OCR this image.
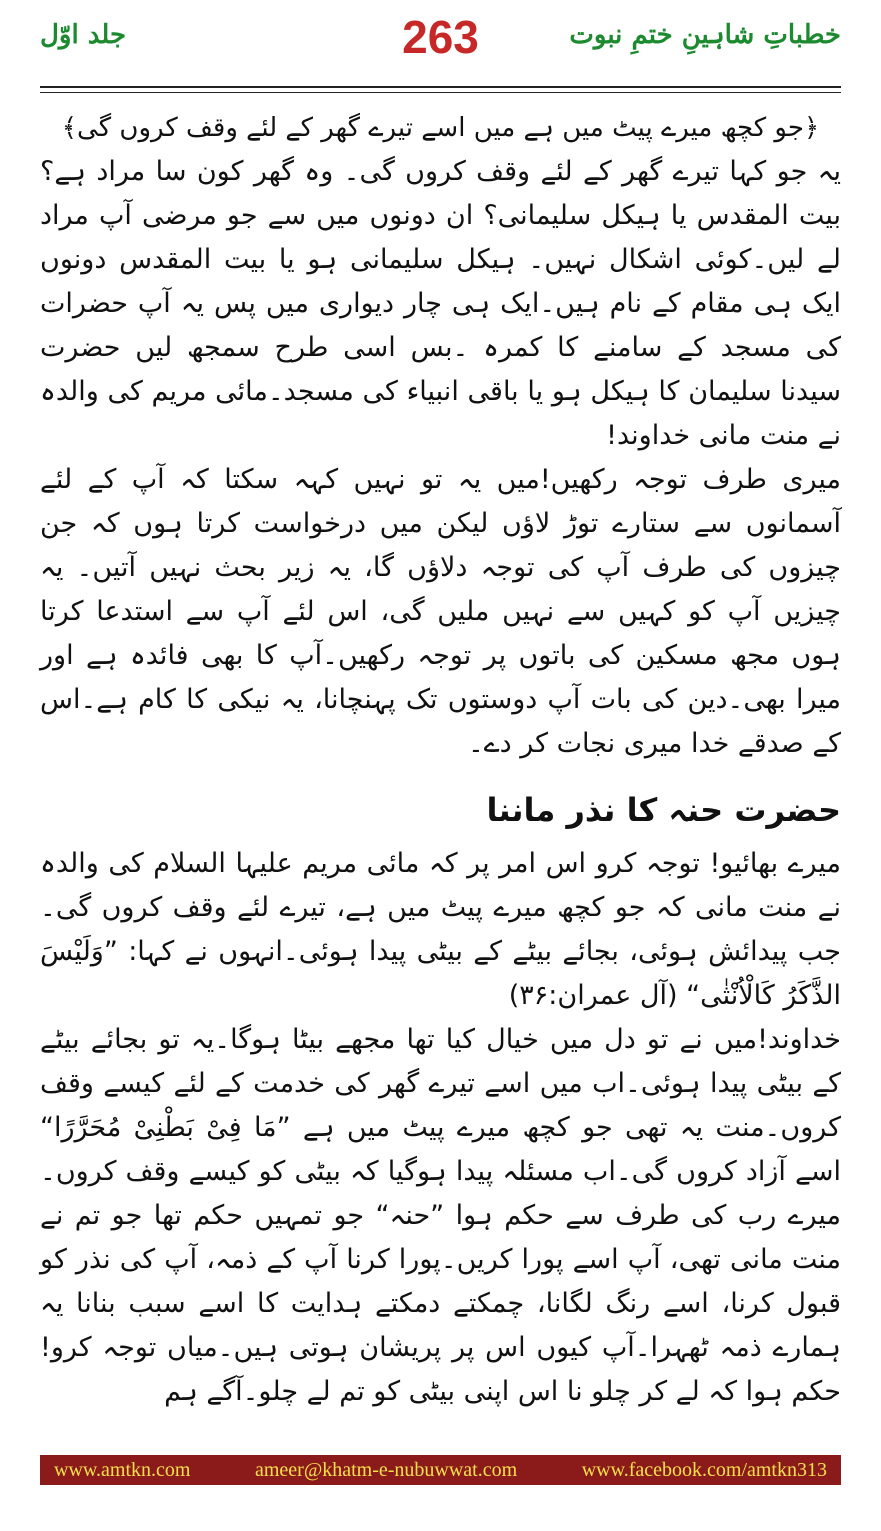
جلد اوّل	263	خطباتِ شاہینِ ختمِ نبوت

﴿جو کچھ میرے پیٹ میں ہے میں اسے تیرے گھر کے لئے وقف کروں گی﴾

یہ جو کہا تیرے گھر کے لئے وقف کروں گی۔ وہ گھر کون سا مراد ہے؟ بیت المقدس یا ہیکل سلیمانی؟ ان دونوں میں سے جو مرضی آپ مراد لے لیں۔کوئی اشکال نہیں۔ ہیکل سلیمانی ہو یا بیت المقدس دونوں ایک ہی مقام کے نام ہیں۔ایک ہی چار دیواری میں پس یہ آپ حضرات کی مسجد کے سامنے کا کمرہ ۔بس اسی طرح سمجھ لیں حضرت سیدنا سلیمان کا ہیکل ہو یا باقی انبیاء کی مسجد۔مائی مریم کی والدہ نے منت مانی خداوند!

میری طرف توجہ رکھیں!میں یہ تو نہیں کہہ سکتا کہ آپ کے لئے آسمانوں سے ستارے توڑ لاؤں لیکن میں درخواست کرتا ہوں کہ جن چیزوں کی طرف آپ کی توجہ دلاؤں گا، یہ زیر بحث نہیں آتیں۔ یہ چیزیں آپ کو کہیں سے نہیں ملیں گی، اس لئے آپ سے استدعا کرتا ہوں مجھ مسکین کی باتوں پر توجہ رکھیں۔آپ کا بھی فائدہ ہے اور میرا بھی۔دین کی بات آپ دوستوں تک پہنچانا، یہ نیکی کا کام ہے۔اس کے صدقے خدا میری نجات کر دے۔

حضرت حنہ کا نذر ماننا

میرے بھائیو! توجہ کرو اس امر پر کہ مائی مریم علیہا السلام کی والدہ نے منت مانی کہ جو کچھ میرے پیٹ میں ہے، تیرے لئے وقف کروں گی۔جب پیدائش ہوئی، بجائے بیٹے کے بیٹی پیدا ہوئی۔انہوں نے کہا: ”وَلَیْسَ الذَّکَرُ کَالْاُنْثٰی“ (آل عمران:۳۶)

خداوند!میں نے تو دل میں خیال کیا تھا مجھے بیٹا ہوگا۔یہ تو بجائے بیٹے کے بیٹی پیدا ہوئی۔اب میں اسے تیرے گھر کی خدمت کے لئے کیسے وقف کروں۔منت یہ تھی جو کچھ میرے پیٹ میں ہے ”مَا فِیْ بَطْنِیْ مُحَرَّرًا“ اسے آزاد کروں گی۔اب مسئلہ پیدا ہوگیا کہ بیٹی کو کیسے وقف کروں۔میرے رب کی طرف سے حکم ہوا ”حنہ“ جو تمہیں حکم تھا جو تم نے منت مانی تھی، آپ اسے پورا کریں۔پورا کرنا آپ کے ذمہ، آپ کی نذر کو قبول کرنا، اسے رنگ لگانا، چمکتے دمکتے ہدایت کا اسے سبب بنانا یہ ہمارے ذمہ ٹھہرا۔آپ کیوں اس پر پریشان ہوتی ہیں۔میاں توجہ کرو!حکم ہوا کہ لے کر چلو نا اس اپنی بیٹی کو تم لے چلو۔آگے ہم

www.amtkn.com	ameer@khatm-e-nubuwwat.com	www.facebook.com/amtkn313
